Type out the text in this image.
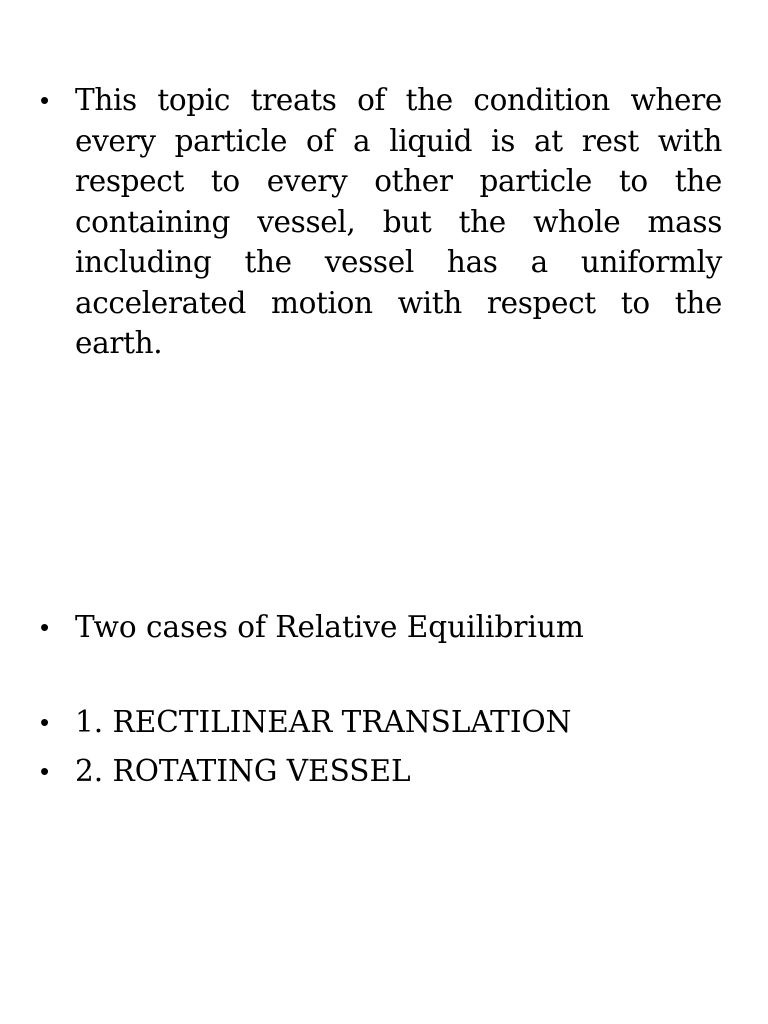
• This topic treats of the condition where every particle of a liquid is at rest with respect to every other particle to the containing vessel, but the whole mass including the vessel has a uniformly accelerated motion with respect to the earth.
• Two cases of Relative Equilibrium
• 1. RECTILINEAR TRANSLATION
• 2. ROTATING VESSEL
